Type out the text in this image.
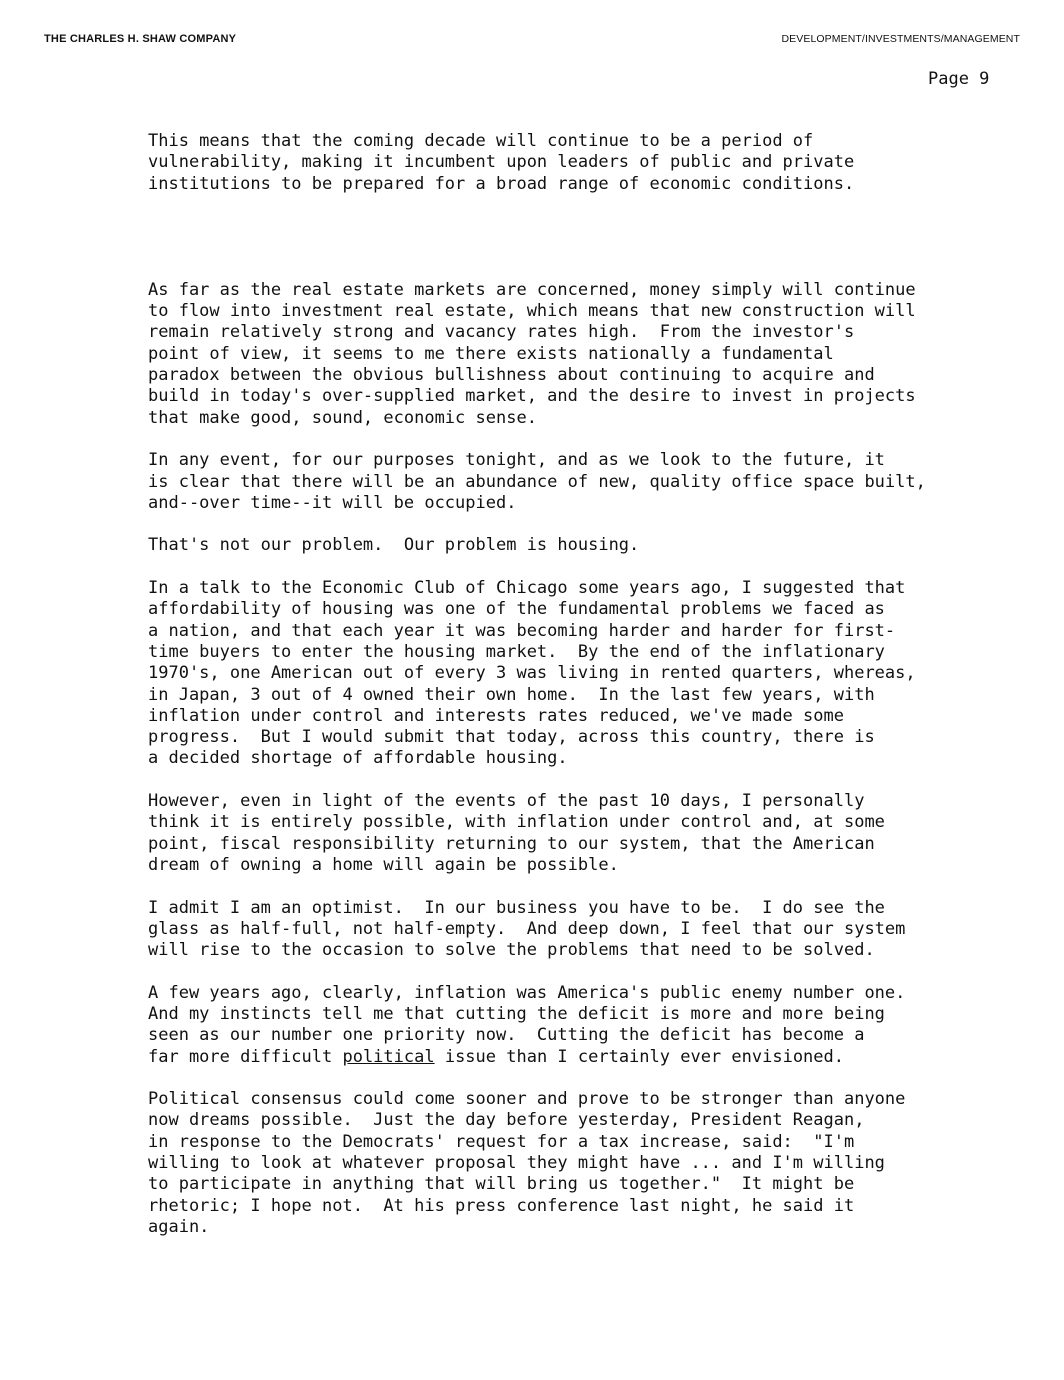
THE CHARLES H. SHAW COMPANY	DEVELOPMENT/INVESTMENTS/MANAGEMENT
Page 9
This means that the coming decade will continue to be a period of
vulnerability, making it incumbent upon leaders of public and private
institutions to be prepared for a broad range of economic conditions.
As far as the real estate markets are concerned, money simply will continue
to flow into investment real estate, which means that new construction will
remain relatively strong and vacancy rates high.  From the investor's
point of view, it seems to me there exists nationally a fundamental
paradox between the obvious bullishness about continuing to acquire and
build in today's over-supplied market, and the desire to invest in projects
that make good, sound, economic sense.
In any event, for our purposes tonight, and as we look to the future, it
is clear that there will be an abundance of new, quality office space built,
and--over time--it will be occupied.
That's not our problem.  Our problem is housing.
In a talk to the Economic Club of Chicago some years ago, I suggested that
affordability of housing was one of the fundamental problems we faced as
a nation, and that each year it was becoming harder and harder for first-
time buyers to enter the housing market.  By the end of the inflationary
1970's, one American out of every 3 was living in rented quarters, whereas,
in Japan, 3 out of 4 owned their own home.  In the last few years, with
inflation under control and interests rates reduced, we've made some
progress.  But I would submit that today, across this country, there is
a decided shortage of affordable housing.
However, even in light of the events of the past 10 days, I personally
think it is entirely possible, with inflation under control and, at some
point, fiscal responsibility returning to our system, that the American
dream of owning a home will again be possible.
I admit I am an optimist.  In our business you have to be.  I do see the
glass as half-full, not half-empty.  And deep down, I feel that our system
will rise to the occasion to solve the problems that need to be solved.
A few years ago, clearly, inflation was America's public enemy number one.
And my instincts tell me that cutting the deficit is more and more being
seen as our number one priority now.  Cutting the deficit has become a
far more difficult political issue than I certainly ever envisioned.
Political consensus could come sooner and prove to be stronger than anyone
now dreams possible.  Just the day before yesterday, President Reagan,
in response to the Democrats' request for a tax increase, said:  "I'm
willing to look at whatever proposal they might have ... and I'm willing
to participate in anything that will bring us together."  It might be
rhetoric; I hope not.  At his press conference last night, he said it
again.
